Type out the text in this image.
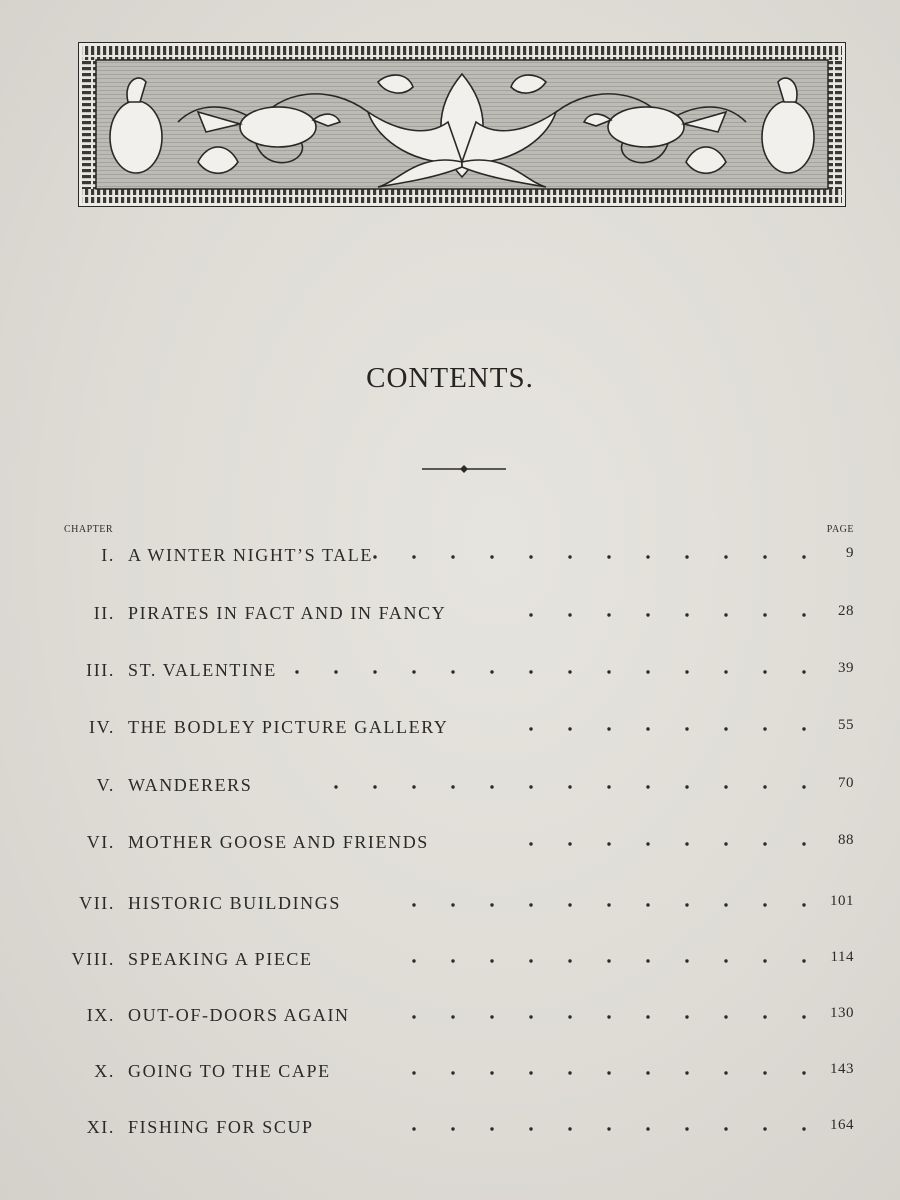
CONTENTS.
CHAPTER	PAGE
I. A WINTER NIGHT’S TALE	9
II. PIRATES IN FACT AND IN FANCY	28
III. ST. VALENTINE	39
IV. THE BODLEY PICTURE GALLERY	55
V. WANDERERS	70
VI. MOTHER GOOSE AND FRIENDS	88
VII. HISTORIC BUILDINGS	101
VIII. SPEAKING A PIECE	114
IX. OUT-OF-DOORS AGAIN	130
X. GOING TO THE CAPE	143
XI. FISHING FOR SCUP	164
